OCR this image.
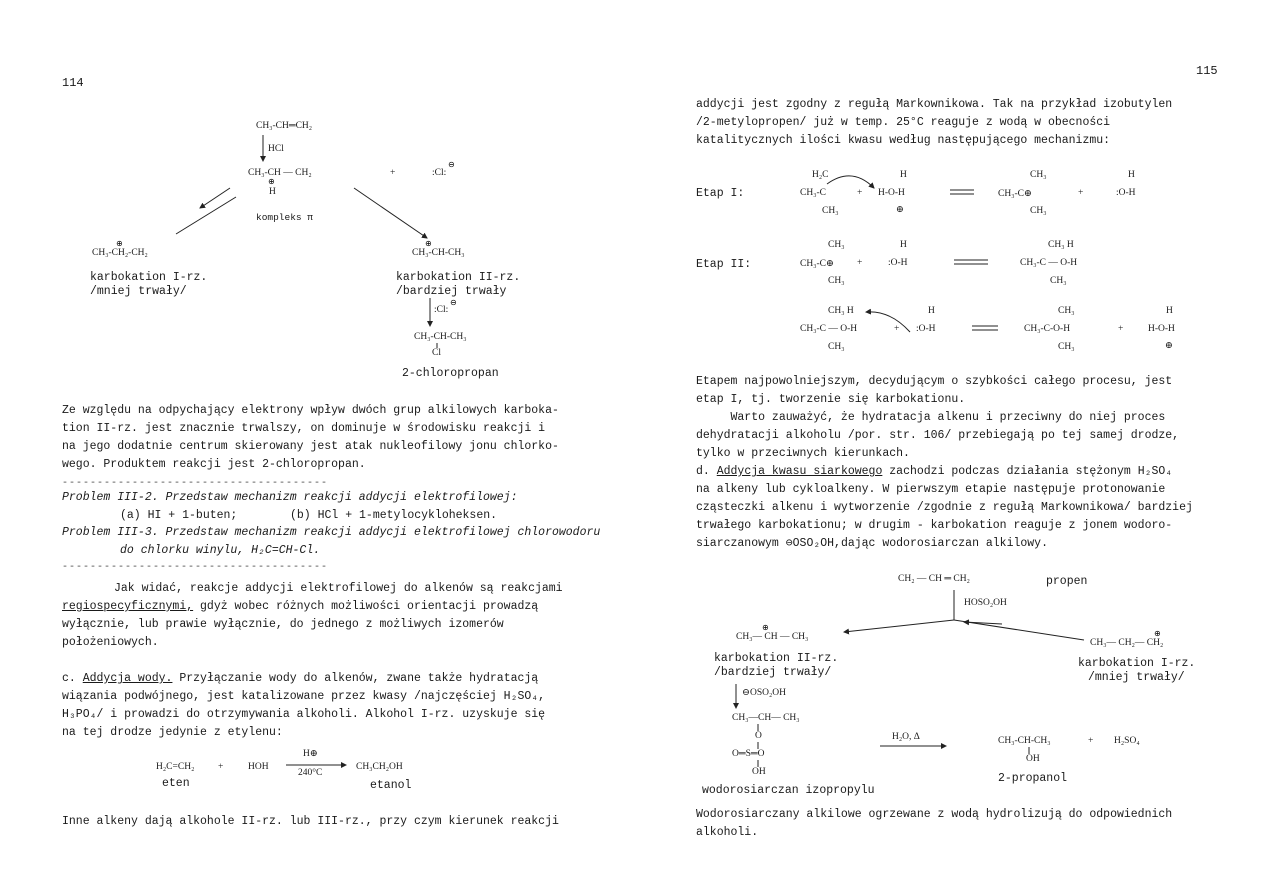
114
CH₃-CH═CH₂
HCl
CH₃-CH — CH₂
H
+	:Cl:
kompleks π
CH₃-CH₂-CH₂
karbokation I-rz.
/mniej trwały/
CH₃-CH-CH₃
karbokation II-rz.
/bardziej trwały
:Cl:
CH₃-CH-CH₃
Cl
2-chloropropan
⊖
⊕
⊕	⊕
⊖
Ze względu na odpychający elektrony wpływ dwóch grup alkilowych karboka-
tion II-rz. jest znacznie trwalszy, on dominuje w środowisku reakcji i
na jego dodatnie centrum skierowany jest atak nukleofilowy jonu chlorko-
wego. Produktem reakcji jest 2-chloropropan.
--------------------------------------
Problem III-2. Przedstaw mechanizm reakcji addycji elektrofilowej:
(a) HI + 1-buten;	(b) HCl + 1-metylocykloheksen.
Problem III-3. Przedstaw mechanizm reakcji addycji elektrofilowej chlorowodoru
do chlorku winylu, H₂C=CH-Cl.
--------------------------------------
Jak widać, reakcje addycji elektrofilowej do alkenów są reakcjami
regiospecyficznymi, gdyż wobec różnych możliwości orientacji prowadzą
wyłącznie, lub prawie wyłącznie, do jednego z możliwych izomerów
położeniowych.
c. Addycja wody. Przyłączanie wody do alkenów, zwane także hydratacją
wiązania podwójnego, jest katalizowane przez kwasy /najczęściej H₂SO₄,
H₃PO₄/ i prowadzi do otrzymywania alkoholi. Alkohol I-rz. uzyskuje się
na tej drodze jedynie z etylenu:
H₂C=CH₂
eten
+	HOH
H⊕
240°C
CH₃CH₂OH
etanol
Inne alkeny dają alkohole II-rz. lub III-rz., przy czym kierunek reakcji
115
addycji jest zgodny z regułą Markownikowa. Tak na przykład izobutylen
/2-metylopropen/ już w temp. 25°C reaguje z wodą w obecności
katalitycznych ilości kwasu według następującego mechanizmu:
Etap I:
H₂C
CH₃-C
CH₃
+
H
H-O-H
⊕
CH₃
CH₃-C⊕
CH₃
+
H
:O-H
Etap II:
CH₃
CH₃-C⊕
CH₃
+
H
:O-H
CH₃ H
CH₃-C — O-H
CH₃
CH₃ H
CH₃-C — O-H
CH₃
+
H
:O-H
CH₃
CH₃-C-O-H
CH₃
+
H
H-O-H
⊕
Etapem najpowolniejszym, decydującym o szybkości całego procesu, jest
etap I, tj. tworzenie się karbokationu.
Warto zauważyć, że hydratacja alkenu i przeciwny do niej proces
dehydratacji alkoholu /por. str. 106/ przebiegają po tej samej drodze,
tylko w przeciwnych kierunkach.
d. Addycja kwasu siarkowego zachodzi podczas działania stężonym H₂SO₄
na alkeny lub cykloalkeny. W pierwszym etapie następuje protonowanie
cząsteczki alkenu i wytworzenie /zgodnie z regułą Markownikowa/ bardziej
trwałego karbokationu; w drugim - karbokation reaguje z jonem wodoro-
siarczanowym ⊖OSO₂OH,dając wodorosiarczan alkilowy.
CH₂ — CH ═ CH₂	propen
HOSO₂OH
CH₃— CH — CH₃
karbokation II-rz.
/bardziej trwały/
CH₃— CH₂— CH₂
karbokation I-rz.
/mniej trwały/
⊖OSO₂OH
CH₃—CH— CH₃
O
O═S═O
OH
wodorosiarczan izopropylu
H₂O, Δ	CH₃-CH-CH₃
OH
2-propanol
+ H₂SO₄
⊕
⊕
Wodorosiarczany alkilowe ogrzewane z wodą hydrolizują do odpowiednich
alkoholi.
